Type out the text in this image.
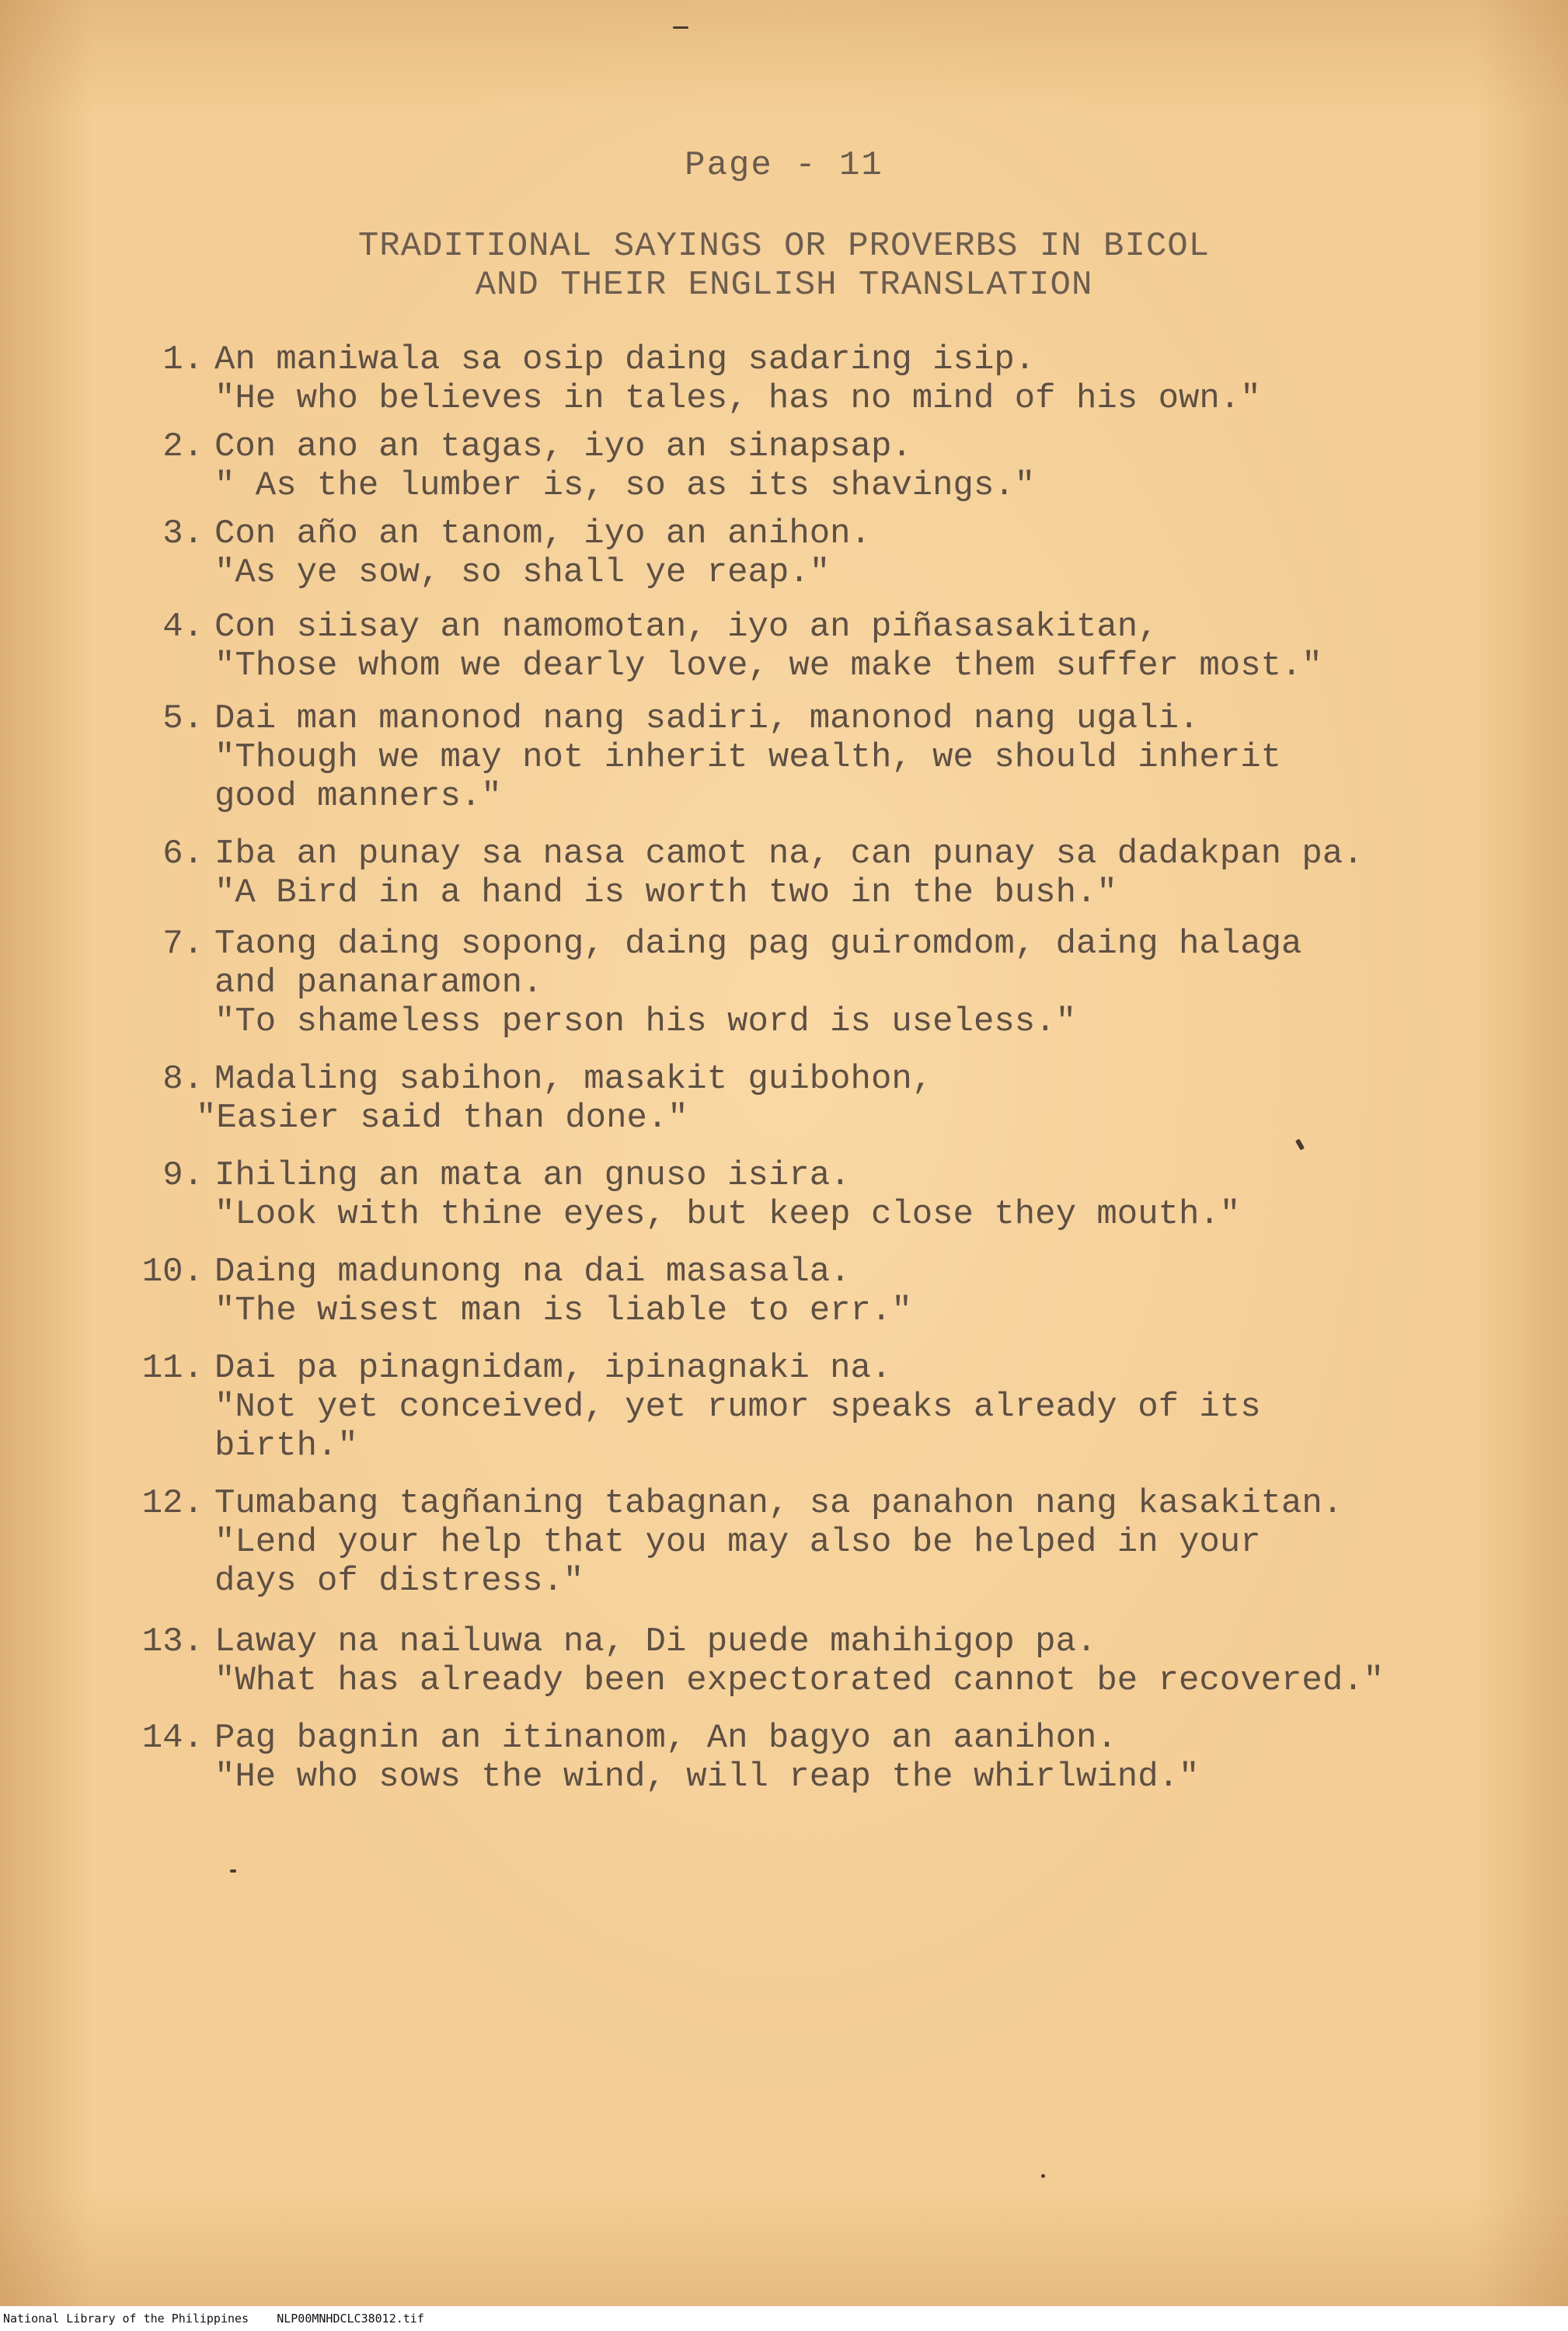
Page - 11
TRADITIONAL SAYINGS OR PROVERBS IN BICOL
AND THEIR ENGLISH TRANSLATION
1. An maniwala sa osip daing sadaring isip.
"He who believes in tales, has no mind of his own."
2. Con ano an tagas, iyo an sinapsap.
" As the lumber is, so as its shavings."
3. Con año an tanom, iyo an anihon.
"As ye sow, so shall ye reap."
4. Con siisay an namomotan, iyo an piñasasakitan,
"Those whom we dearly love, we make them suffer most."
5. Dai man manonod nang sadiri, manonod nang ugali.
"Though we may not inherit wealth, we should inherit
good manners."
6. Iba an punay sa nasa camot na, can punay sa dadakpan pa.
"A Bird in a hand is worth two in the bush."
7. Taong daing sopong, daing pag guiromdom, daing halaga
and pananaramon.
"To shameless person his word is useless."
8. Madaling sabihon, masakit guibohon,
"Easier said than done."
9. Ihiling an mata an gnuso isira.
"Look with thine eyes, but keep close they mouth."
10. Daing madunong na dai masasala.
"The wisest man is liable to err."
11. Dai pa pinagnidam, ipinagnaki na.
"Not yet conceived, yet rumor speaks already of its
birth."
12. Tumabang tagñaning tabagnan, sa panahon nang kasakitan.
"Lend your help that you may also be helped in your
days of distress."
13. Laway na nailuwa na, Di puede mahihigop pa.
"What has already been expectorated cannot be recovered."
14. Pag bagnin an itinanom, An bagyo an aanihon.
"He who sows the wind, will reap the whirlwind."
National Library of the Philippines NLP00MNHDCLC38012.tif
